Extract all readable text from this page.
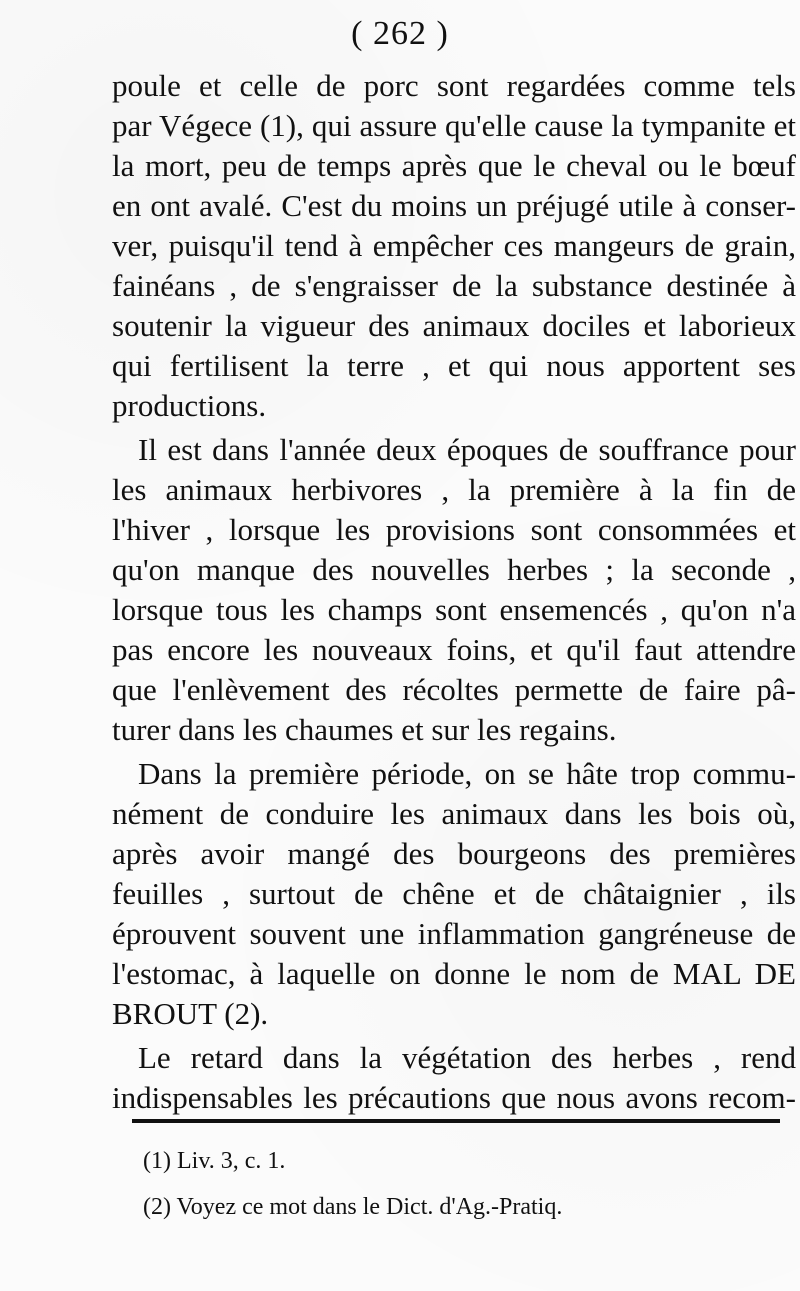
( 262 )
poule et celle de porc sont regardées comme tels
par Végece (1), qui assure qu'elle cause la tympanite et
la mort, peu de temps après que le cheval ou le bœuf
en ont avalé. C'est du moins un préjugé utile à conser-
ver, puisqu'il tend à empêcher ces mangeurs de grain,
fainéans , de s'engraisser de la substance destinée à
soutenir la vigueur des animaux dociles et laborieux
qui fertilisent la terre , et qui nous apportent ses
productions.
Il est dans l'année deux époques de souffrance pour
les animaux herbivores , la première à la fin de
l'hiver , lorsque les provisions sont consommées et
qu'on manque des nouvelles herbes ; la seconde ,
lorsque tous les champs sont ensemencés , qu'on n'a
pas encore les nouveaux foins, et qu'il faut attendre
que l'enlèvement des récoltes permette de faire pâ-
turer dans les chaumes et sur les regains.
Dans la première période, on se hâte trop commu-
nément de conduire les animaux dans les bois où,
après avoir mangé des bourgeons des premières
feuilles , surtout de chêne et de châtaignier , ils
éprouvent souvent une inflammation gangréneuse de
l'estomac, à laquelle on donne le nom de MAL DE
BROUT (2).
Le retard dans la végétation des herbes , rend
indispensables les précautions que nous avons recom-
(1) Liv. 3, c. 1.
(2) Voyez ce mot dans le Dict. d'Ag.-Pratiq.
